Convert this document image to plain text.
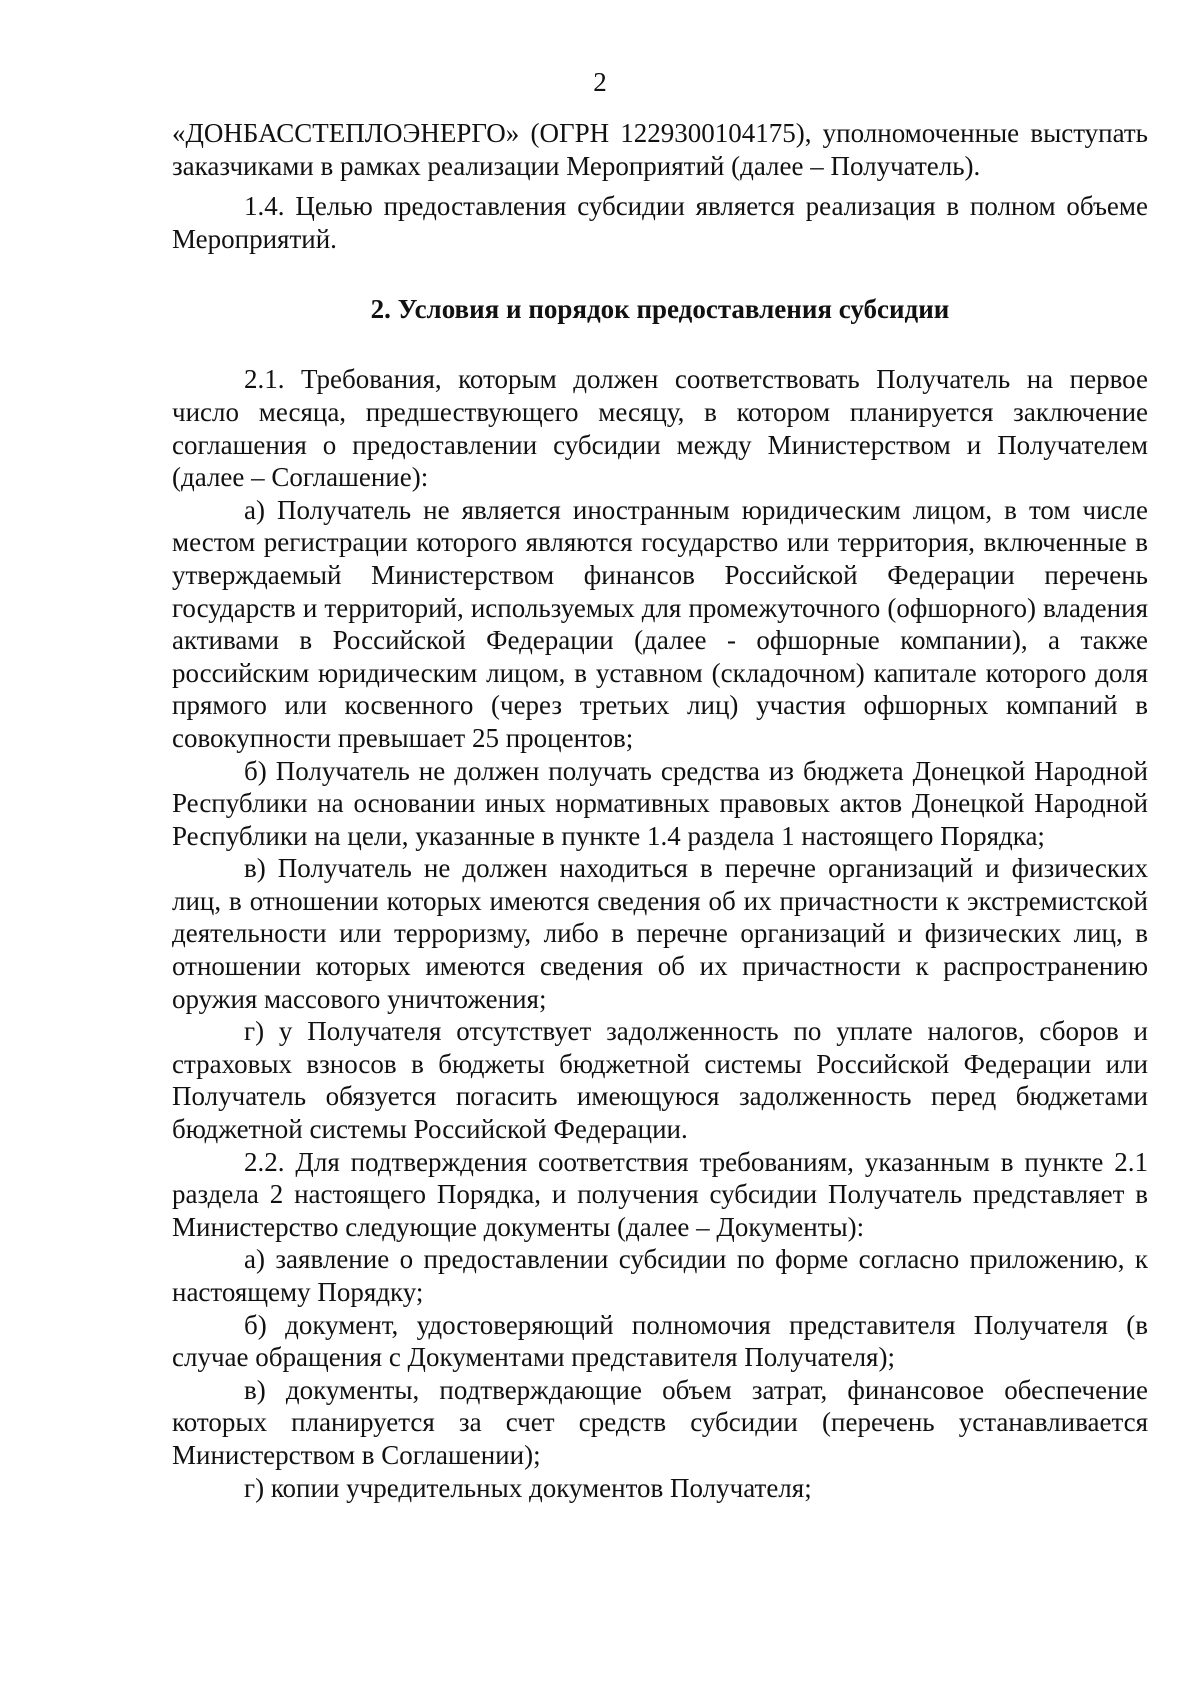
2

«ДОНБАССТЕПЛОЭНЕРГО» (ОГРН 1229300104175), уполномоченные выступать заказчиками в рамках реализации Мероприятий (далее – Получатель).

1.4. Целью предоставления субсидии является реализация в полном объеме Мероприятий.

2. Условия и порядок предоставления субсидии

2.1. Требования, которым должен соответствовать Получатель на первое число месяца, предшествующего месяцу, в котором планируется заключение соглашения о предоставлении субсидии между Министерством и Получателем (далее – Соглашение):

а) Получатель не является иностранным юридическим лицом, в том числе местом регистрации которого являются государство или территория, включенные в утверждаемый Министерством финансов Российской Федерации перечень государств и территорий, используемых для промежуточного (офшорного) владения активами в Российской Федерации (далее - офшорные компании), а также российским юридическим лицом, в уставном (складочном) капитале которого доля прямого или косвенного (через третьих лиц) участия офшорных компаний в совокупности превышает 25 процентов;

б) Получатель не должен получать средства из бюджета Донецкой Народной Республики на основании иных нормативных правовых актов Донецкой Народной Республики на цели, указанные в пункте 1.4 раздела 1 настоящего Порядка;

в) Получатель не должен находиться в перечне организаций и физических лиц, в отношении которых имеются сведения об их причастности к экстремистской деятельности или терроризму, либо в перечне организаций и физических лиц, в отношении которых имеются сведения об их причастности к распространению оружия массового уничтожения;

г) у Получателя отсутствует задолженность по уплате налогов, сборов и страховых взносов в бюджеты бюджетной системы Российской Федерации или Получатель обязуется погасить имеющуюся задолженность перед бюджетами бюджетной системы Российской Федерации.

2.2. Для подтверждения соответствия требованиям, указанным в пункте 2.1 раздела 2 настоящего Порядка, и получения субсидии Получатель представляет в Министерство следующие документы (далее – Документы):

а) заявление о предоставлении субсидии по форме согласно приложению, к настоящему Порядку;

б) документ, удостоверяющий полномочия представителя Получателя (в случае обращения с Документами представителя Получателя);

в) документы, подтверждающие объем затрат, финансовое обеспечение которых планируется за счет средств субсидии (перечень устанавливается Министерством в Соглашении);

г) копии учредительных документов Получателя;
